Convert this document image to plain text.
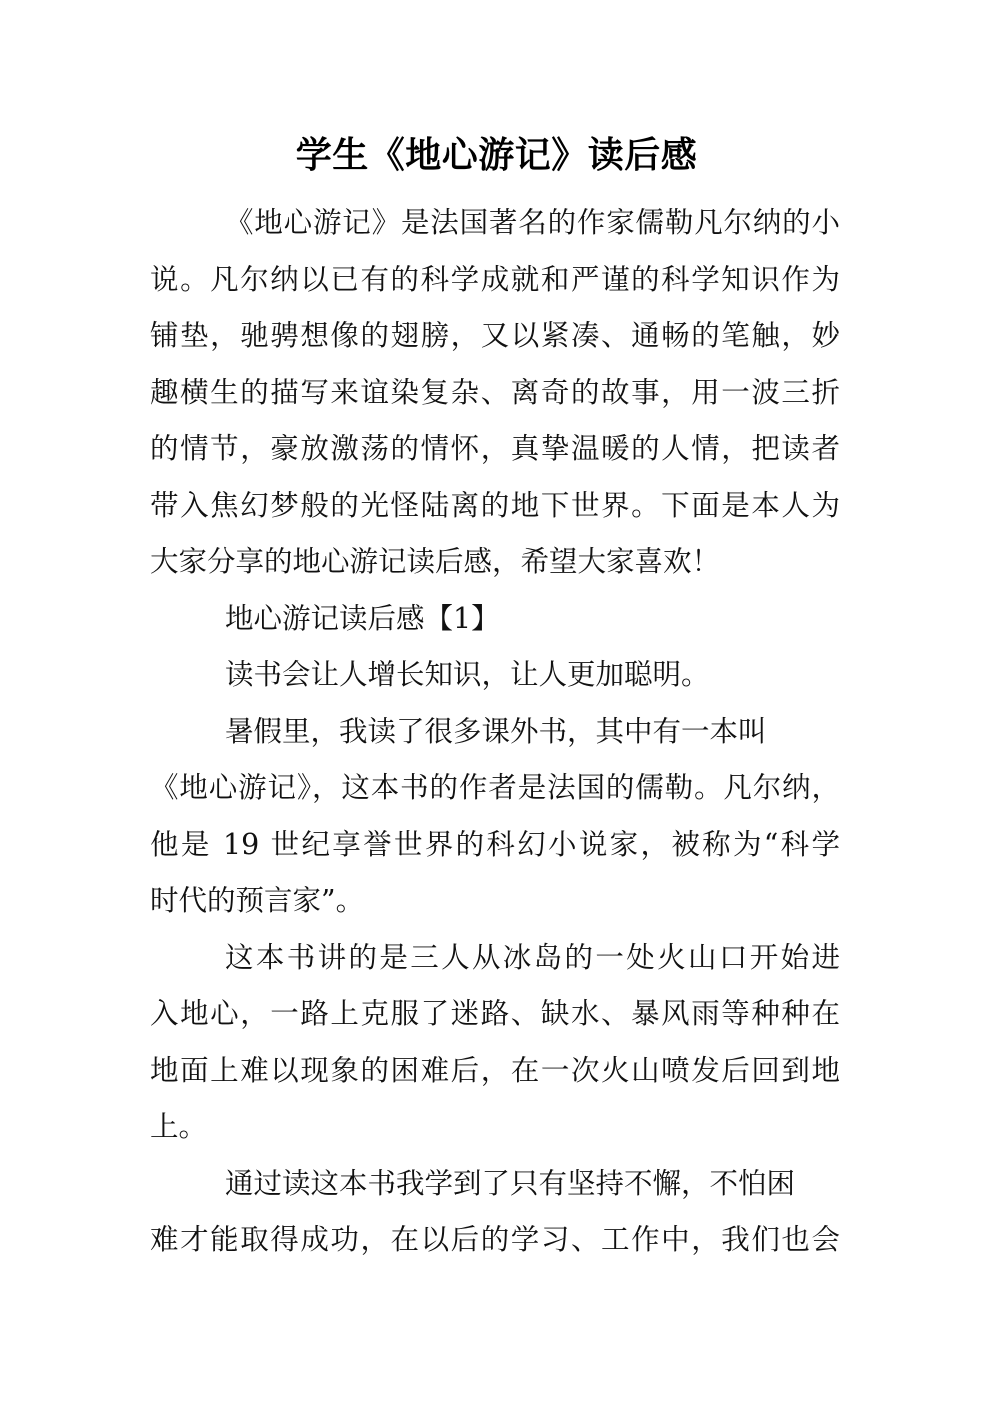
学生《地心游记》读后感
《地心游记》是法国著名的作家儒勒凡尔纳的小
说。凡尔纳以已有的科学成就和严谨的科学知识作为
铺垫，驰骋想像的翅膀，又以紧凑、通畅的笔触，妙
趣横生的描写来谊染复杂、离奇的故事，用一波三折
的情节，豪放激荡的情怀，真挚温暖的人情，把读者
带入焦幻梦般的光怪陆离的地下世界。下面是本人为
大家分享的地心游记读后感，希望大家喜欢！
地心游记读后感【1】
读书会让人增长知识，让人更加聪明。
暑假里，我读了很多课外书，其中有一本叫
《地心游记》，这本书的作者是法国的儒勒。凡尔纳，
他是 19 世纪享誉世界的科幻小说家，被称为“科学
时代的预言家”。
这本书讲的是三人从冰岛的一处火山口开始进
入地心，一路上克服了迷路、缺水、暴风雨等种种在
地面上难以现象的困难后，在一次火山喷发后回到地
上。
通过读这本书我学到了只有坚持不懈，不怕困
难才能取得成功，在以后的学习、工作中，我们也会
